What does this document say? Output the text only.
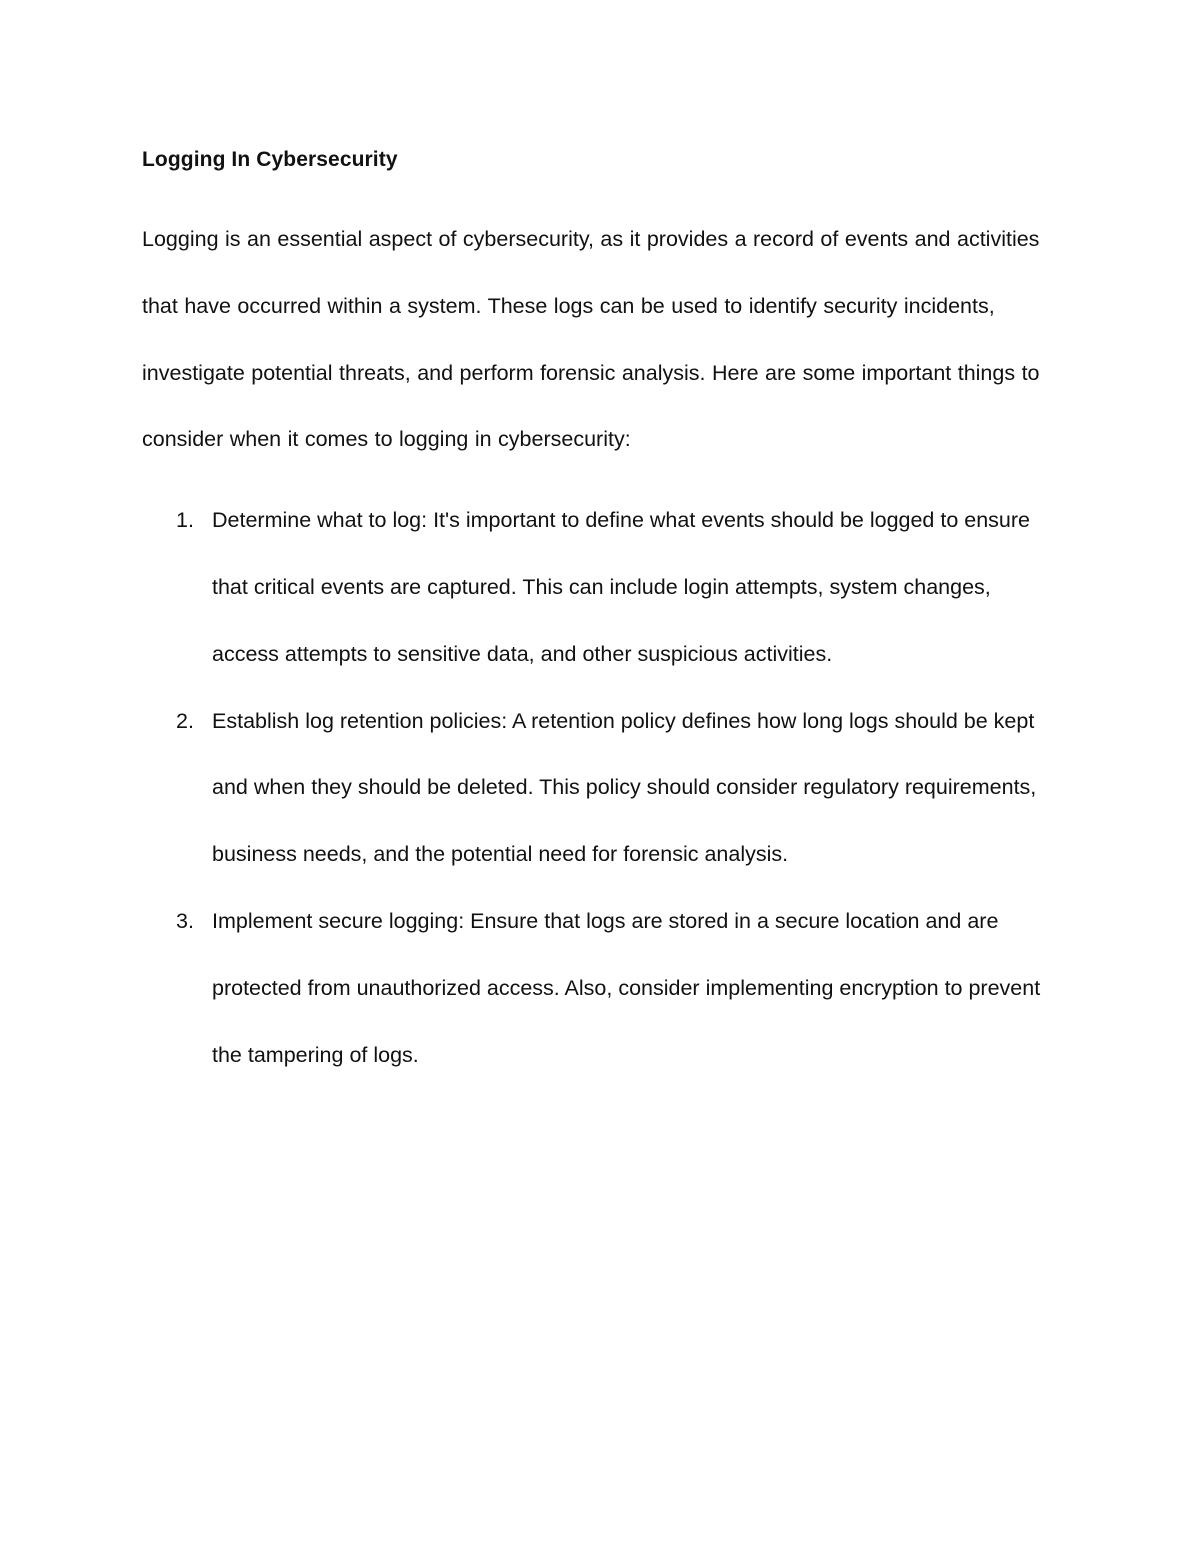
Logging In Cybersecurity

Logging is an essential aspect of cybersecurity, as it provides a record of events and activities that have occurred within a system. These logs can be used to identify security incidents, investigate potential threats, and perform forensic analysis. Here are some important things to consider when it comes to logging in cybersecurity:

1. Determine what to log: It's important to define what events should be logged to ensure that critical events are captured. This can include login attempts, system changes, access attempts to sensitive data, and other suspicious activities.
2. Establish log retention policies: A retention policy defines how long logs should be kept and when they should be deleted. This policy should consider regulatory requirements, business needs, and the potential need for forensic analysis.
3. Implement secure logging: Ensure that logs are stored in a secure location and are protected from unauthorized access. Also, consider implementing encryption to prevent the tampering of logs.
